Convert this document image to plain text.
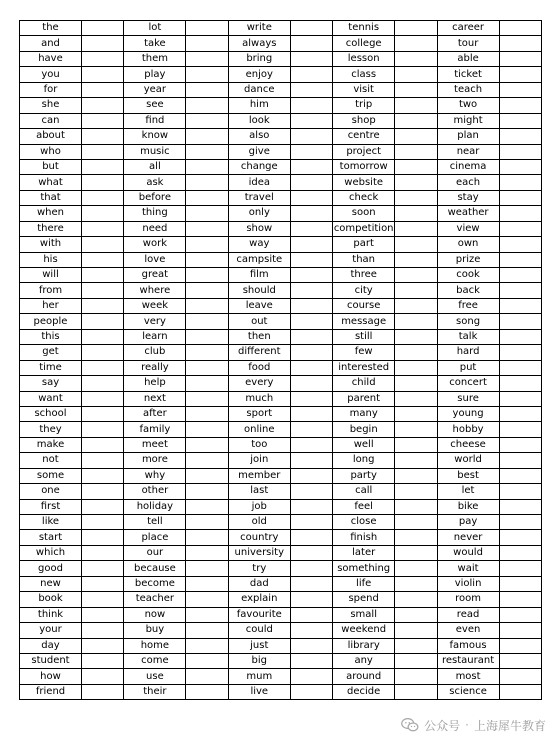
the		lot		write		tennis		career	
and		take		always		college		tour	
have		them		bring		lesson		able	
you		play		enjoy		class		ticket	
for		year		dance		visit		teach	
she		see		him		trip		two	
can		find		look		shop		might	
about		know		also		centre		plan	
who		music		give		project		near	
but		all		change		tomorrow		cinema	
what		ask		idea		website		each	
that		before		travel		check		stay	
when		thing		only		soon		weather	
there		need		show		competition		view	
with		work		way		part		own	
his		love		campsite		than		prize	
will		great		film		three		cook	
from		where		should		city		back	
her		week		leave		course		free	
people		very		out		message		song	
this		learn		then		still		talk	
get		club		different		few		hard	
time		really		food		interested		put	
say		help		every		child		concert	
want		next		much		parent		sure	
school		after		sport		many		young	
they		family		online		begin		hobby	
make		meet		too		well		cheese	
not		more		join		long		world	
some		why		member		party		best	
one		other		last		call		let	
first		holiday		job		feel		bike	
like		tell		old		close		pay	
start		place		country		finish		never	
which		our		university		later		would	
good		because		try		something		wait	
new		become		dad		life		violin	
book		teacher		explain		spend		room	
think		now		favourite		small		read	
your		buy		could		weekend		even	
day		home		just		library		famous	
student		come		big		any		restaurant	
how		use		mum		around		most	
friend		their		live		decide		science	
公众号 · 上海犀牛教育
